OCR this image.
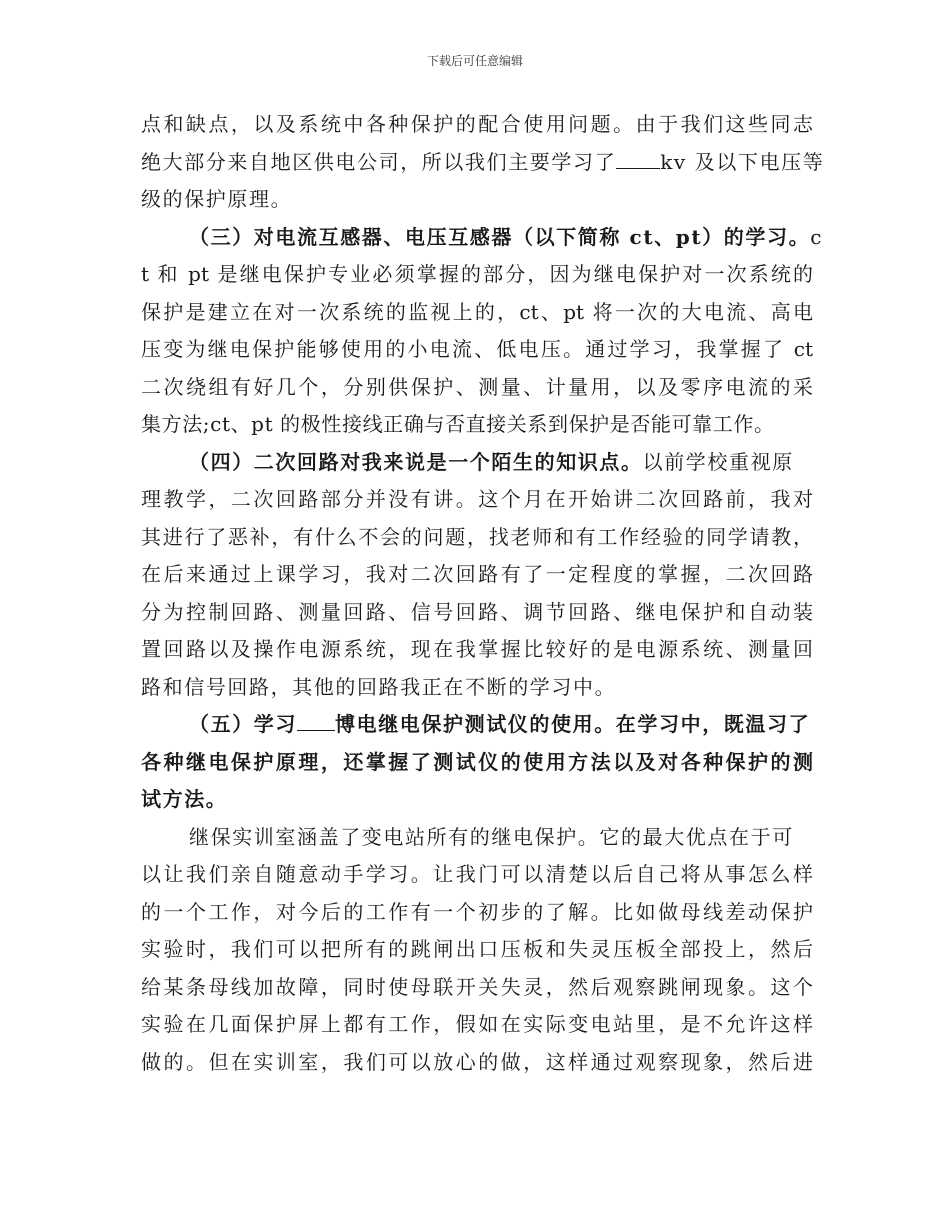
下载后可任意编辑
点和缺点，以及系统中各种保护的配合使用问题。由于我们这些同志
绝大部分来自地区供电公司，所以我们主要学习了 kv 及以下电压等
级的保护原理。
（三）对电流互感器、电压互感器（以下简称 ct、pt）的学习。c
t 和 pt 是继电保护专业必须掌握的部分，因为继电保护对一次系统的
保护是建立在对一次系统的监视上的，ct、pt 将一次的大电流、高电
压变为继电保护能够使用的小电流、低电压。通过学习，我掌握了 ct
二次绕组有好几个，分别供保护、测量、计量用，以及零序电流的采
集方法;ct、pt 的极性接线正确与否直接关系到保护是否能可靠工作。
（四）二次回路对我来说是一个陌生的知识点。以前学校重视原
理教学，二次回路部分并没有讲。这个月在开始讲二次回路前，我对
其进行了恶补，有什么不会的问题，找老师和有工作经验的同学请教，
在后来通过上课学习，我对二次回路有了一定程度的掌握，二次回路
分为控制回路、测量回路、信号回路、调节回路、继电保护和自动装
置回路以及操作电源系统，现在我掌握比较好的是电源系统、测量回
路和信号回路，其他的回路我正在不断的学习中。
（五）学习 博电继电保护测试仪的使用。在学习中，既温习了
各种继电保护原理，还掌握了测试仪的使用方法以及对各种保护的测
试方法。
继保实训室涵盖了变电站所有的继电保护。它的最大优点在于可
以让我们亲自随意动手学习。让我门可以清楚以后自己将从事怎么样
的一个工作，对今后的工作有一个初步的了解。比如做母线差动保护
实验时，我们可以把所有的跳闸出口压板和失灵压板全部投上，然后
给某条母线加故障，同时使母联开关失灵，然后观察跳闸现象。这个
实验在几面保护屏上都有工作，假如在实际变电站里，是不允许这样
做的。但在实训室，我们可以放心的做，这样通过观察现象，然后进
